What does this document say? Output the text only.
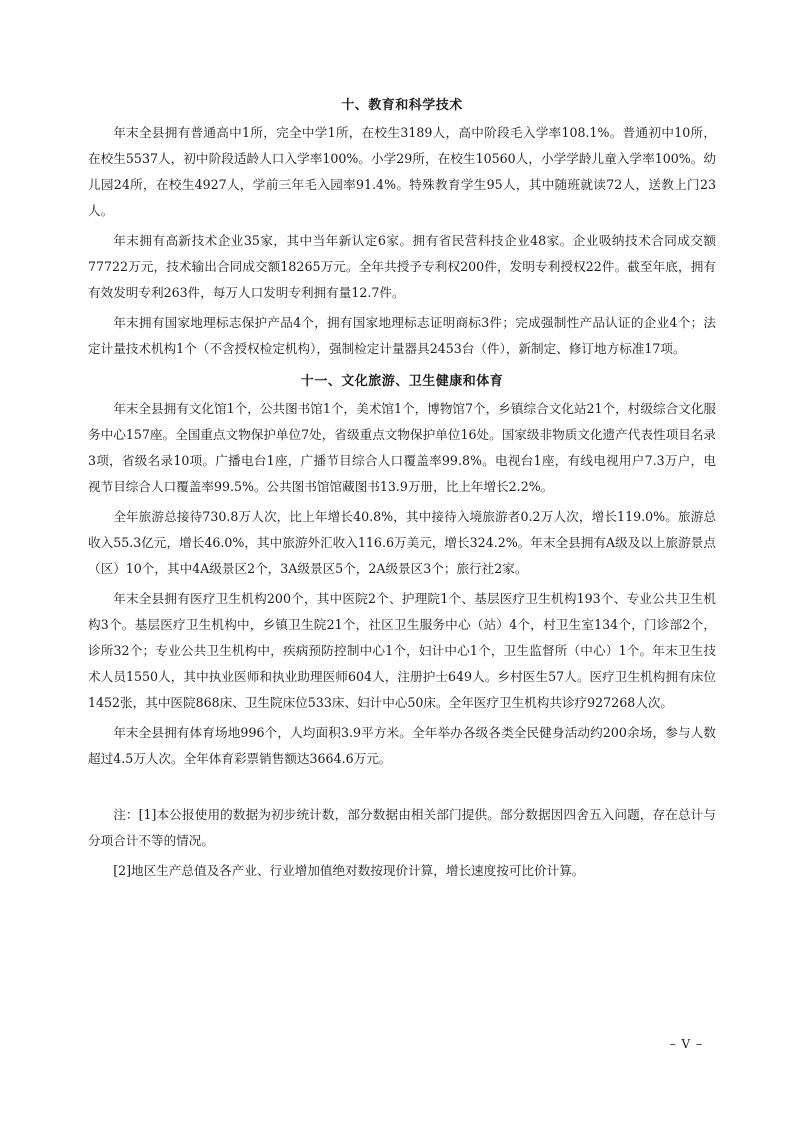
十、教育和科学技术

年末全县拥有普通高中1所，完全中学1所，在校生3189人，高中阶段毛入学率108.1%。普通初中10所，在校生5537人，初中阶段适龄人口入学率100%。小学29所，在校生10560人，小学学龄儿童入学率100%。幼儿园24所，在校生4927人，学前三年毛入园率91.4%。特殊教育学生95人，其中随班就读72人，送教上门23人。

年末拥有高新技术企业35家，其中当年新认定6家。拥有省民营科技企业48家。企业吸纳技术合同成交额77722万元，技术输出合同成交额18265万元。全年共授予专利权200件，发明专利授权22件。截至年底，拥有有效发明专利263件，每万人口发明专利拥有量12.7件。

年末拥有国家地理标志保护产品4个，拥有国家地理标志证明商标3件；完成强制性产品认证的企业4个；法定计量技术机构1个（不含授权检定机构），强制检定计量器具2453台（件），新制定、修订地方标准17项。

十一、文化旅游、卫生健康和体育

年末全县拥有文化馆1个，公共图书馆1个，美术馆1个，博物馆7个，乡镇综合文化站21个，村级综合文化服务中心157座。全国重点文物保护单位7处，省级重点文物保护单位16处。国家级非物质文化遗产代表性项目名录3项，省级名录10项。广播电台1座，广播节目综合人口覆盖率99.8%。电视台1座，有线电视用户7.3万户，电视节目综合人口覆盖率99.5%。公共图书馆馆藏图书13.9万册，比上年增长2.2%。

全年旅游总接待730.8万人次，比上年增长40.8%，其中接待入境旅游者0.2万人次，增长119.0%。旅游总收入55.3亿元，增长46.0%，其中旅游外汇收入116.6万美元，增长324.2%。年末全县拥有A级及以上旅游景点（区）10个，其中4A级景区2个，3A级景区5个，2A级景区3个；旅行社2家。

年末全县拥有医疗卫生机构200个，其中医院2个、护理院1个、基层医疗卫生机构193个、专业公共卫生机构3个。基层医疗卫生机构中，乡镇卫生院21个，社区卫生服务中心（站）4个，村卫生室134个，门诊部2个，诊所32个；专业公共卫生机构中，疾病预防控制中心1个，妇计中心1个，卫生监督所（中心）1个。年末卫生技术人员1550人，其中执业医师和执业助理医师604人，注册护士649人。乡村医生57人。医疗卫生机构拥有床位1452张，其中医院868床、卫生院床位533床、妇计中心50床。全年医疗卫生机构共诊疗927268人次。

年末全县拥有体育场地996个，人均面积3.9平方米。全年举办各级各类全民健身活动约200余场，参与人数超过4.5万人次。全年体育彩票销售额达3664.6万元。

注：[1]本公报使用的数据为初步统计数，部分数据由相关部门提供。部分数据因四舍五入问题，存在总计与分项合计不等的情况。

[2]地区生产总值及各产业、行业增加值绝对数按现价计算，增长速度按可比价计算。

– V –
